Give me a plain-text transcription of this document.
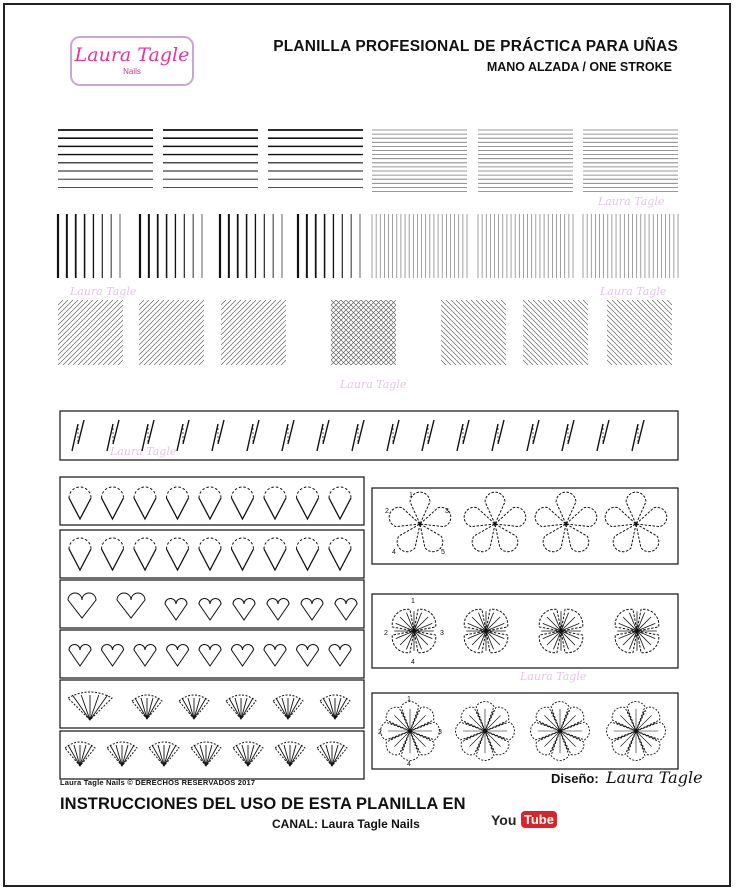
Laura Tagle
Nails
PLANILLA PROFESIONAL DE PRÁCTICA PARA UÑAS
MANO ALZADA / ONE STROKE
Laura Tagle
Laura Tagle	Laura Tagle
Laura Tagle
Laura Tagle
Laura Tagle
1
2	3
4	5
1
2	3
4
1
2	3
4
Laura Tagle Nails © DERECHOS RESERVADOS 2017	Diseño: Laura Tagle
INSTRUCCIONES DEL USO DE ESTA PLANILLA EN
CANAL: Laura Tagle Nails	You Tube
